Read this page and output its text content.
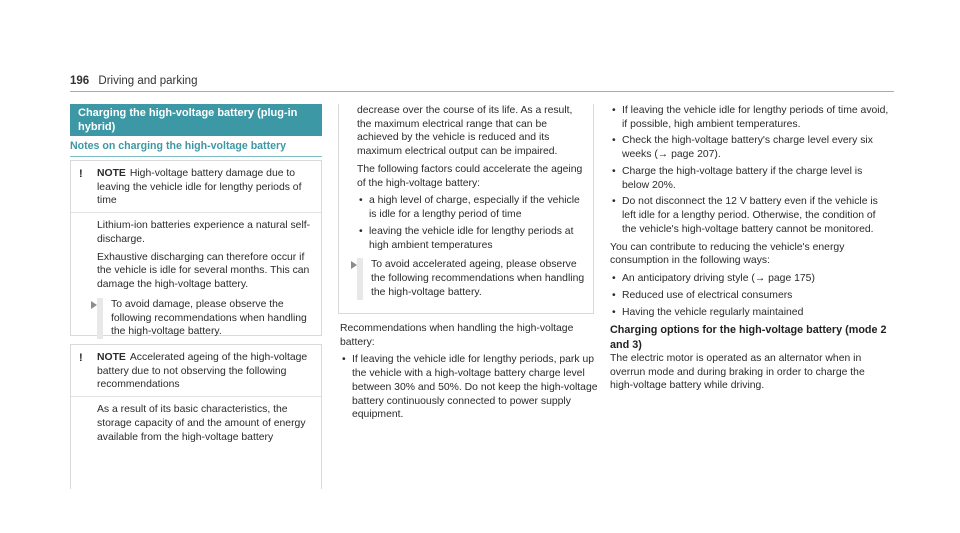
196 Driving and parking
Charging the high-voltage battery (plug-in hybrid)
Notes on charging the high-voltage battery
!	NOTE High-voltage battery damage due to leaving the vehicle idle for lengthy periods of time

Lithium-ion batteries experience a natural self-discharge.

Exhaustive discharging can therefore occur if the vehicle is idle for several months. This can damage the high-voltage battery.

To avoid damage, please observe the following recommendations when handling the high-voltage battery.
!	NOTE Accelerated ageing of the high-voltage battery due to not observing the following recommendations

As a result of its basic characteristics, the storage capacity of and the amount of energy available from the high-voltage battery

decrease over the course of its life. As a result, the maximum electrical range that can be achieved by the vehicle is reduced and its maximum electrical output can be impaired.

The following factors could accelerate the ageing of the high-voltage battery:

• a high level of charge, especially if the vehicle is idle for a lengthy period of time
• leaving the vehicle idle for lengthy periods at high ambient temperatures
To avoid accelerated ageing, please observe the following recommendations when handling the high-voltage battery.

Recommendations when handling the high-voltage battery:

• If leaving the vehicle idle for lengthy periods, park up the vehicle with a high-voltage battery charge level between 30% and 50%. Do not keep the high-voltage battery continuously connected to power supply equipment.
• If leaving the vehicle idle for lengthy periods of time avoid, if possible, high ambient temperatures.
• Check the high-voltage battery's charge level every six weeks (→ page 207).
• Charge the high-voltage battery if the charge level is below 20%.
• Do not disconnect the 12 V battery even if the vehicle is left idle for a lengthy period. Otherwise, the condition of the vehicle's high-voltage battery cannot be monitored.

You can contribute to reducing the vehicle's energy consumption in the following ways:

• An anticipatory driving style (→ page 175)
• Reduced use of electrical consumers
• Having the vehicle regularly maintained
Charging options for the high-voltage battery (mode 2 and 3)

The electric motor is operated as an alternator when in overrun mode and during braking in order to charge the high-voltage battery while driving.
